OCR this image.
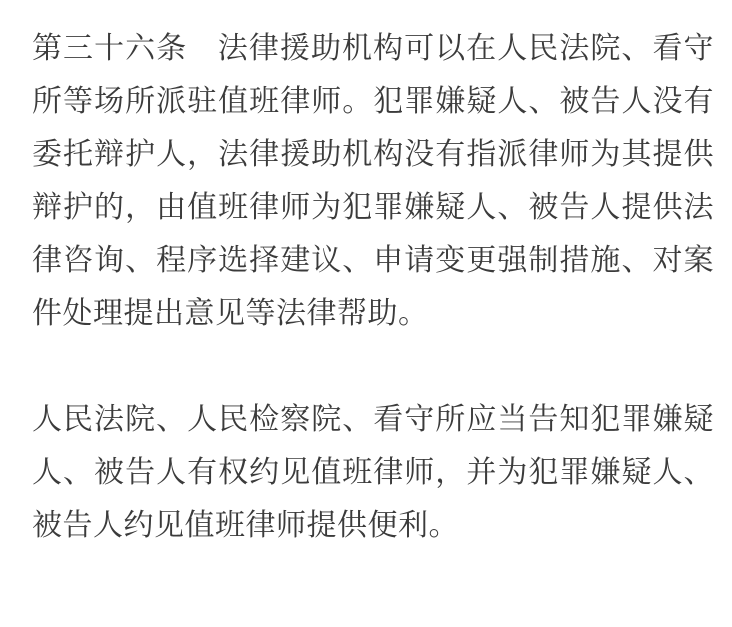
第三十六条 法律援助机构可以在人民法院、看守所等场所派驻值班律师。犯罪嫌疑人、被告人没有委托辩护人，法律援助机构没有指派律师为其提供辩护的，由值班律师为犯罪嫌疑人、被告人提供法律咨询、程序选择建议、申请变更强制措施、对案件处理提出意见等法律帮助。

人民法院、人民检察院、看守所应当告知犯罪嫌疑人、被告人有权约见值班律师，并为犯罪嫌疑人、被告人约见值班律师提供便利。
